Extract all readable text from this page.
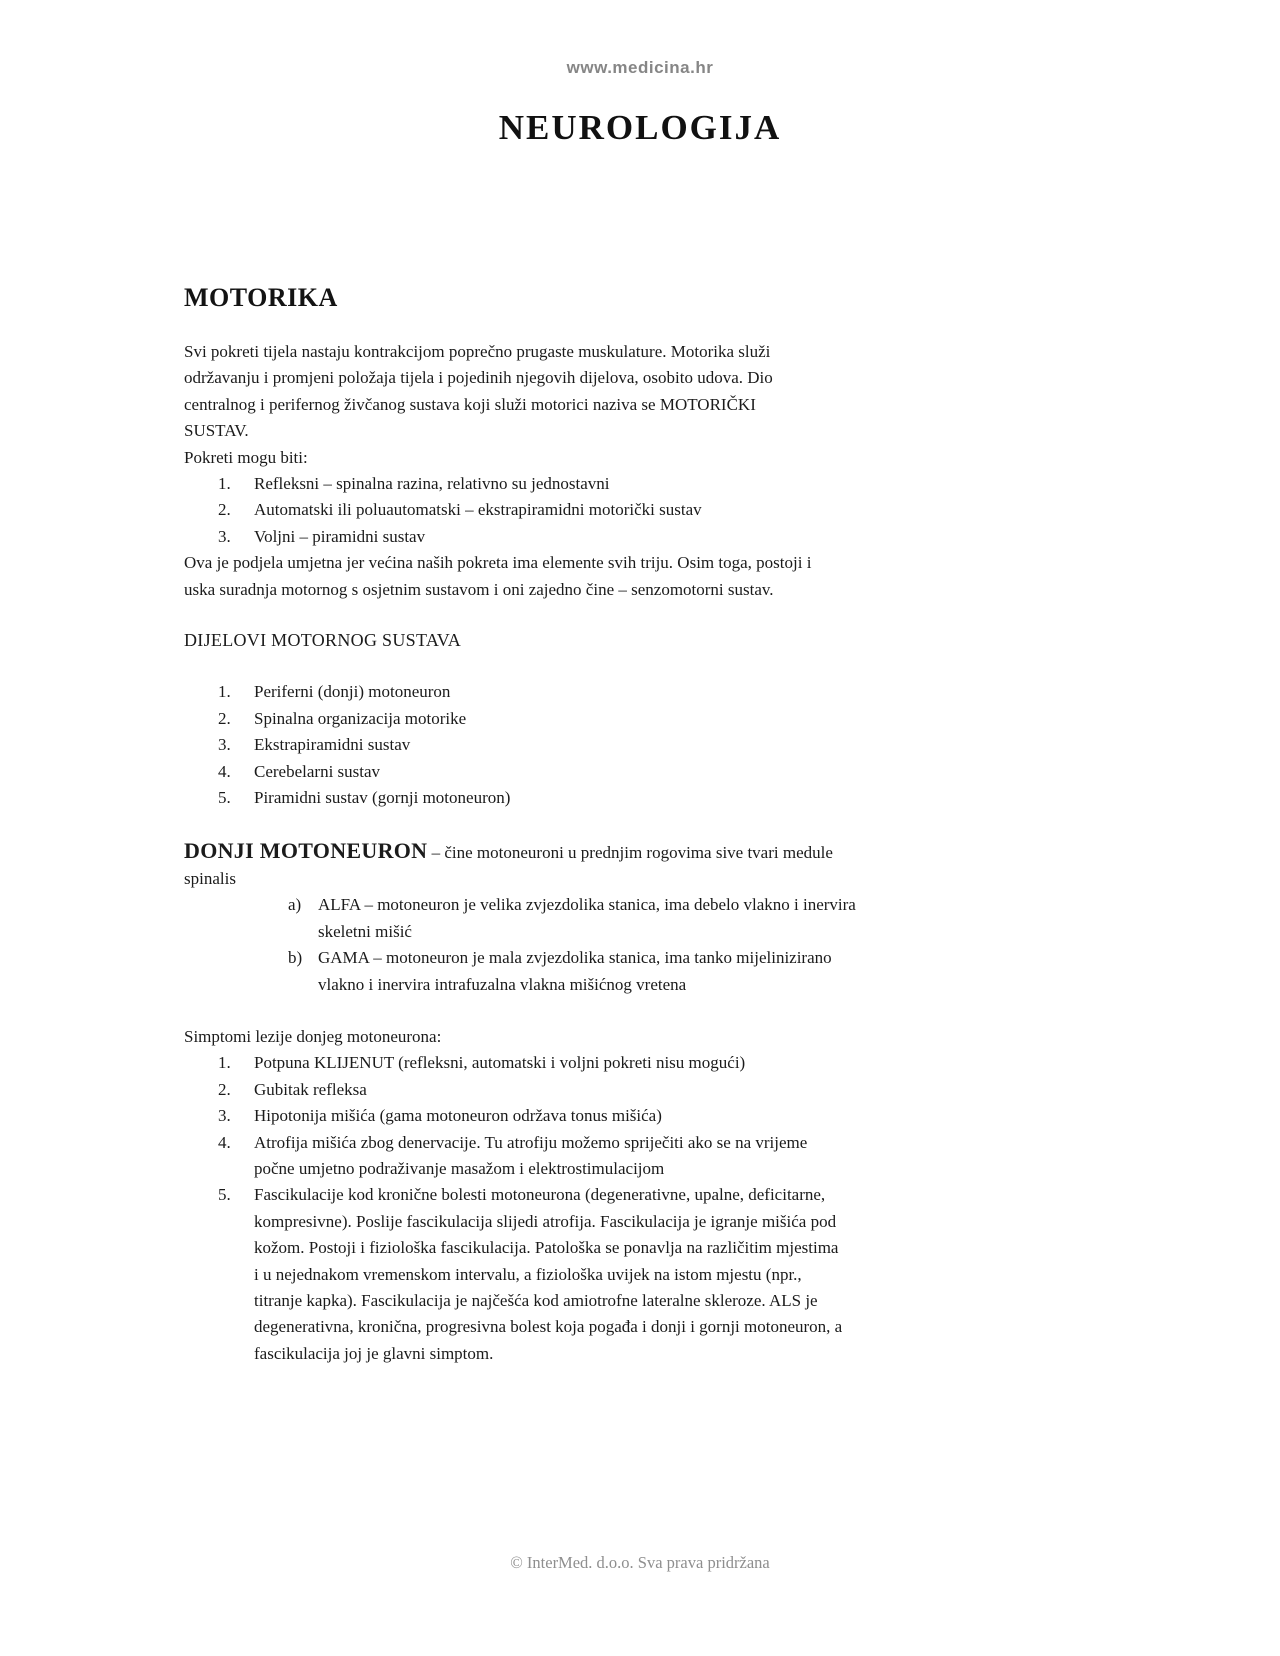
www.medicina.hr
NEUROLOGIJA
MOTORIKA
Svi pokreti tijela nastaju kontrakcijom poprečno prugaste muskulature. Motorika služi
održavanju i promjeni položaja tijela i pojedinih njegovih dijelova, osobito udova. Dio
centralnog i perifernog živčanog sustava koji služi motorici naziva se MOTORIČKI
SUSTAV.
Pokreti mogu biti:
1. Refleksni – spinalna razina, relativno su jednostavni
2. Automatski ili poluautomatski – ekstrapiramidni motorički sustav
3. Voljni – piramidni sustav
Ova je podjela umjetna jer većina naših pokreta ima elemente svih triju. Osim toga, postoji i
uska suradnja motornog s osjetnim sustavom i oni zajedno čine – senzomotorni sustav.
DIJELOVI MOTORNOG SUSTAVA
1. Periferni (donji) motoneuron
2. Spinalna organizacija motorike
3. Ekstrapiramidni sustav
4. Cerebelarni sustav
5. Piramidni sustav (gornji motoneuron)
DONJI MOTONEURON – čine motoneuroni u prednjim rogovima sive tvari medule
spinalis
a) ALFA – motoneuron je velika zvjezdolika stanica, ima debelo vlakno i inervira
skeletni mišić
b) GAMA – motoneuron je mala zvjezdolika stanica, ima tanko mijelinizirano
vlakno i inervira intrafuzalna vlakna mišićnog vretena
Simptomi lezije donjeg motoneurona:
1. Potpuna KLIJENUT (refleksni, automatski i voljni pokreti nisu mogući)
2. Gubitak refleksa
3. Hipotonija mišića (gama motoneuron održava tonus mišića)
4. Atrofija mišića zbog denervacije. Tu atrofiju možemo spriječiti ako se na vrijeme
počne umjetno podraživanje masažom i elektrostimulacijom
5. Fascikulacije kod kronične bolesti motoneurona (degenerativne, upalne, deficitarne,
kompresivne). Poslije fascikulacija slijedi atrofija. Fascikulacija je igranje mišića pod
kožom. Postoji i fiziološka fascikulacija. Patološka se ponavlja na različitim mjestima
i u nejednakom vremenskom intervalu, a fiziološka uvijek na istom mjestu (npr.,
titranje kapka). Fascikulacija je najčešća kod amiotrofne lateralne skleroze. ALS je
degenerativna, kronična, progresivna bolest koja pogađa i donji i gornji motoneuron, a
fascikulacija joj je glavni simptom.
© InterMed. d.o.o. Sva prava pridržana
